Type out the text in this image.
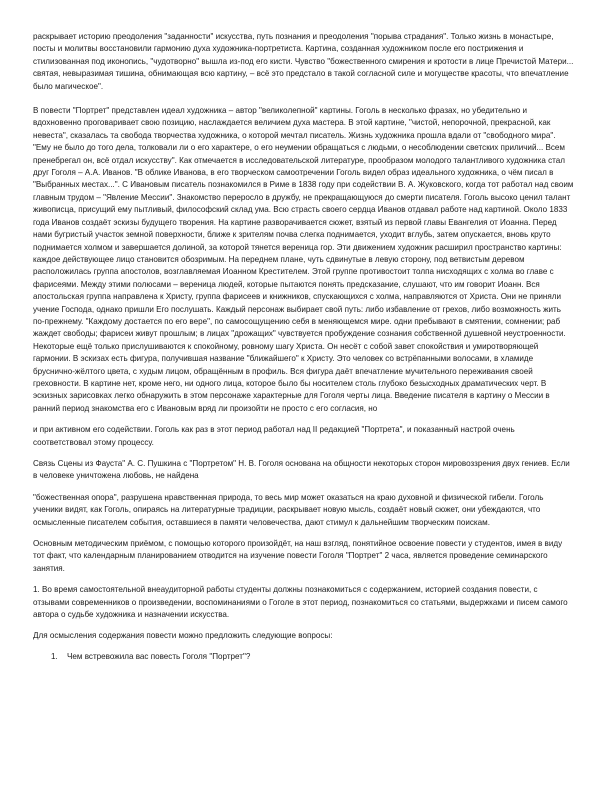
раскрывает историю преодоления "заданности" искусства, путь познания и преодоления "порыва страдания". Только жизнь в монастыре, посты и молитвы восстановили гармонию духа художника-портретиста. Картина, созданная художником после его пострижения и стилизованная под иконопись, "чудотворно" вышла из-под его кисти. Чувство "божественного смирения и кротости в лице Пречистой Матери... святая, невыразимая тишина, обнимающая всю картину, – всё это предстало в такой согласной силе и могуществе красоты, что впечатление было магическое".

В повести "Портрет" представлен идеал художника – автор "великолепной" картины. Гоголь в несколько фразах, но убедительно и вдохновенно проговаривает свою позицию, наслаждается величием духа мастера. В этой картине, "чистой, непорочной, прекрасной, как невеста", сказалась та свобода творчества художника, о которой мечтал писатель. Жизнь художника прошла вдали от "свободного мира". "Ему не было до того дела, толковали ли о его характере, о его неумении обращаться с людьми, о несоблюдении светских приличий... Всем пренебрегал он, всё отдал искусству". Как отмечается в исследовательской литературе, прообразом молодого талантливого художника стал друг Гоголя – А.А. Иванов. "В облике Иванова, в его творческом самоотречении Гоголь видел образ идеального художника, о чём писал в "Выбранных местах...". С Ивановым писатель познакомился в Риме в 1838 году при содействии В. А. Жуковского, когда тот работал над своим главным трудом – "Явление Мессии". Знакомство переросло в дружбу, не прекращающуюся до смерти писателя. Гоголь высоко ценил талант живописца, присущий ему пытливый, философский склад ума. Всю страсть своего сердца Иванов отдавал работе над картиной. Около 1833 года Иванов создаёт эскизы будущего творения. На картине разворачивается сюжет, взятый из первой главы Евангелия от Иоанна. Перед нами бугристый участок земной поверхности, ближе к зрителям почва слегка поднимается, уходит вглубь, затем опускается, вновь круто поднимается холмом и завершается долиной, за которой тянется вереница гор. Эти движением художник расширил пространство картины: каждое действующее лицо становится обозримым. На переднем плане, чуть сдвинутые в левую сторону, под ветвистым деревом расположилась группа апостолов, возглавляемая Иоанном Крестителем. Этой группе противостоит толпа нисходящих с холма во главе с фарисеями. Между этими полюсами – вереница людей, которые пытаются понять предсказание, слушают, что им говорит Иоанн. Вся апостольская группа направлена к Христу, группа фарисеев и книжников, спускающихся с холма, направляются от Христа. Они не приняли учение Господа, однако пришли Его послушать. Каждый персонаж выбирает свой путь: либо избавление от грехов, либо возможность жить по-прежнему. "Каждому достается по его вере", по самосощущению себя в меняющемся мире. одни пребывают в смятении, сомнении; раб жаждет свободы; фарисеи живут прошлым; в лицах "дрожащих" чувствуется пробуждение сознания собственной душевной неустроенности. Некоторые ещё только прислушиваются к спокойному, ровному шагу Христа. Он несёт с собой завет спокойствия и умиротворяющей гармонии. В эскизах есть фигура, получившая название "ближайшего" к Христу. Это человек со встрёпанными волосами, в хламиде бруснично-жёлтого цвета, с худым лицом, обращённым в профиль. Вся фигура даёт впечатление мучительного переживания своей греховности. В картине нет, кроме него, ни одного лица, которое было бы носителем столь глубоко безысходных драматических черт. В эскизных зарисовках легко обнаружить в этом персонаже характерные для Гоголя черты лица. Введение писателя в картину о Мессии в ранний период знакомства его с Ивановым вряд ли произойти не просто с его согласия, но

и при активном его содействии. Гоголь как раз в этот период работал над II редакцией "Портрета", и показанный настрой очень соответствовал этому процессу.

Связь Сцены из Фауста" А. С. Пушкина с "Портретом" Н. В. Гоголя основана на общности некоторых сторон мировоззрения двух гениев. Если в человеке уничтожена любовь, не найдена

"божественная опора", разрушена нравственная природа, то весь мир может оказаться на краю духовной и физической гибели. Гоголь ученики видят, как Гоголь, опираясь на литературные традиции, раскрывает новую мысль, создаёт новый сюжет, они убеждаются, что осмысленные писателем события, оставшиеся в памяти человечества, дают стимул к дальнейшим творческим поискам.

Основным методическим приёмом, с помощью которого произойдёт, на наш взгляд, понятийное освоение повести у студентов, имея в виду тот факт, что календарным планированием отводится на изучение повести Гоголя "Портрет" 2 часа, является проведение семинарского занятия.

1. Во время самостоятельной внеаудиторной работы студенты должны познакомиться с содержанием, историей создания повести, с отзывами современников о произведении, воспоминаниями о Гоголе в этот период, познакомиться со статьями, выдержками и писем самого автора о судьбе художника и назначении искусства.

Для осмысления содержания повести можно предложить следующие вопросы:

1.	Чем встревожила вас повесть Гоголя "Портрет"?
